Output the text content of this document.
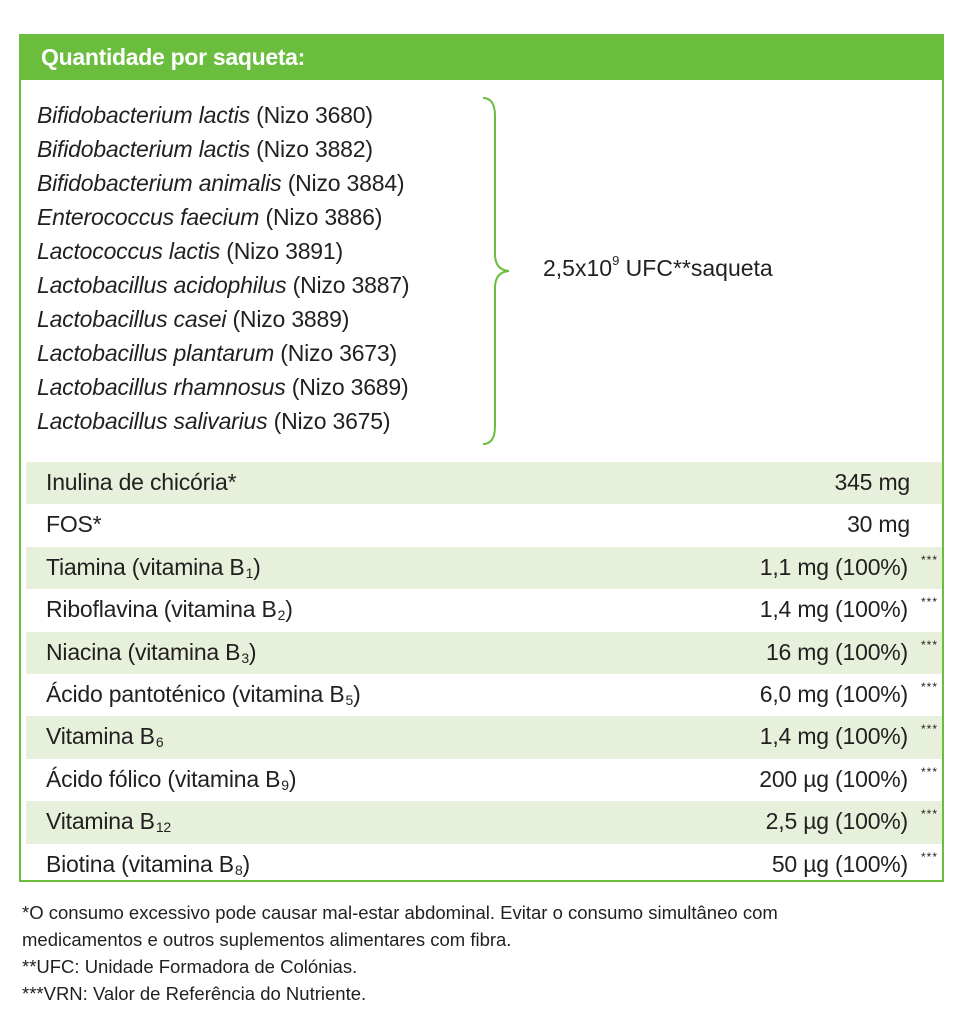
Quantidade por saqueta:
Bifidobacterium lactis (Nizo 3680)
Bifidobacterium lactis (Nizo 3882)
Bifidobacterium animalis (Nizo 3884)
Enterococcus faecium (Nizo 3886)
Lactococcus lactis (Nizo 3891)
Lactobacillus acidophilus (Nizo 3887)
Lactobacillus casei (Nizo 3889)
Lactobacillus plantarum (Nizo 3673)
Lactobacillus rhamnosus (Nizo 3689)
Lactobacillus salivarius (Nizo 3675)
$2,5x10^9$ UFC**saqueta
Inulina de chicória*	345 mg
FOS*	30 mg
Tiamina (vitamina B1)	1,1 mg (100%) ***
Riboflavina (vitamina B2)	1,4 mg (100%) ***
Niacina (vitamina B3)	16 mg (100%) ***
Ácido pantoténico (vitamina B5)	6,0 mg (100%) ***
Vitamina B6	1,4 mg (100%) ***
Ácido fólico (vitamina B9)	200 µg (100%) ***
Vitamina B12	2,5 µg (100%) ***
Biotina (vitamina B8)	50 µg (100%) ***
*O consumo excessivo pode causar mal-estar abdominal. Evitar o consumo simultâneo com
medicamentos e outros suplementos alimentares com fibra.
**UFC: Unidade Formadora de Colónias.
***VRN: Valor de Referência do Nutriente.
